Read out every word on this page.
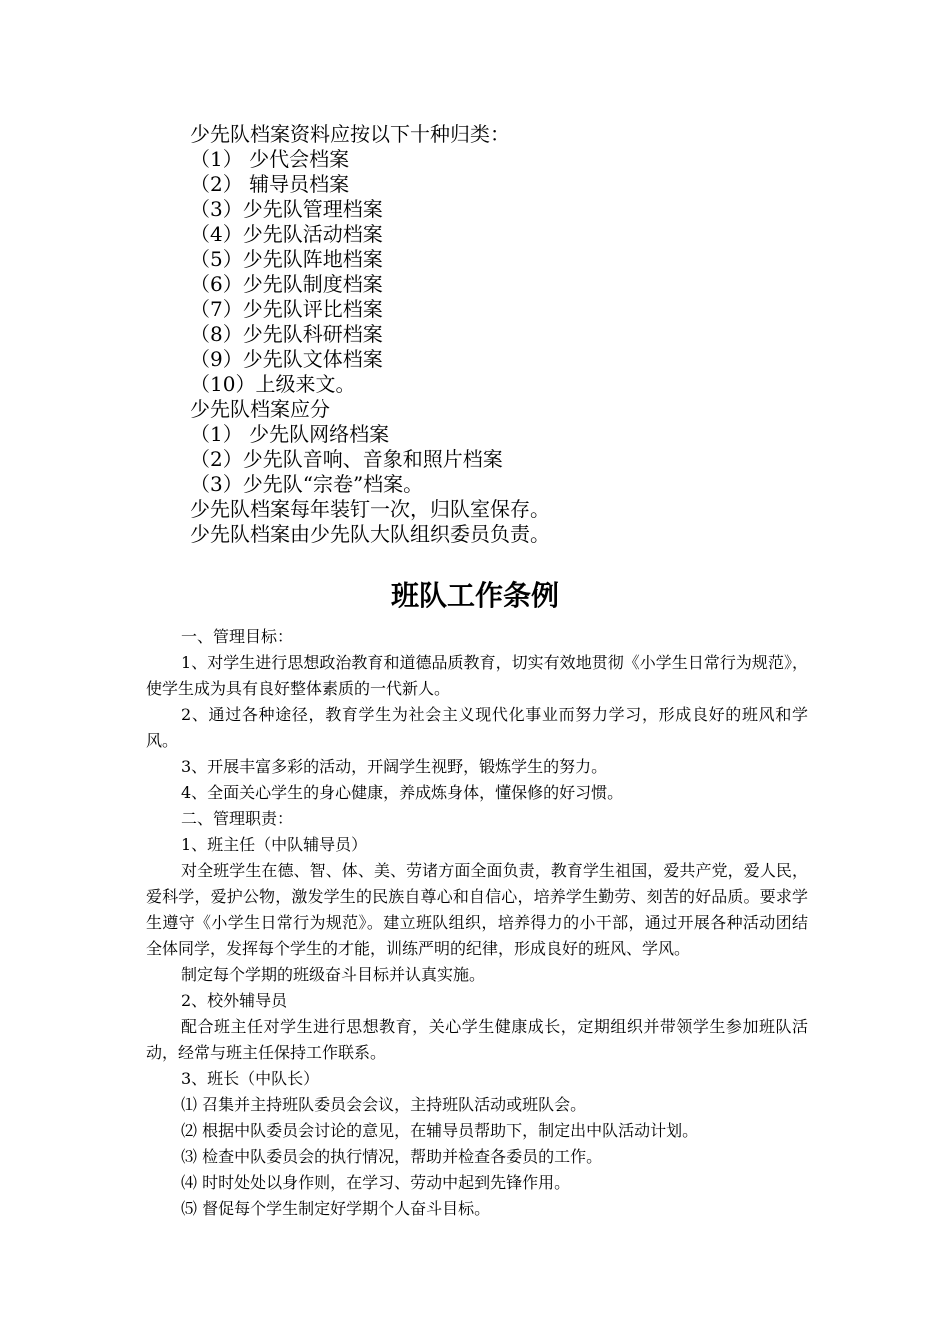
少先队档案资料应按以下十种归类：
（1） 少代会档案
（2） 辅导员档案
（3）少先队管理档案
（4）少先队活动档案
（5）少先队阵地档案
（6）少先队制度档案
（7）少先队评比档案
（8）少先队科研档案
（9）少先队文体档案
（10）上级来文。
少先队档案应分
（1） 少先队网络档案
（2）少先队音响、音象和照片档案
（3）少先队“宗卷”档案。
少先队档案每年装钉一次，归队室保存。
少先队档案由少先队大队组织委员负责。
班队工作条例

一、管理目标：

1、对学生进行思想政治教育和道德品质教育，切实有效地贯彻《小学生日常行为规范》，使学生成为具有良好整体素质的一代新人。

2、通过各种途径，教育学生为社会主义现代化事业而努力学习，形成良好的班风和学风。

3、开展丰富多彩的活动，开阔学生视野，锻炼学生的努力。

4、全面关心学生的身心健康，养成炼身体，懂保修的好习惯。

二、管理职责：

1、班主任（中队辅导员）

对全班学生在德、智、体、美、劳诸方面全面负责，教育学生祖国，爱共产党，爱人民，爱科学，爱护公物，激发学生的民族自尊心和自信心，培养学生勤劳、刻苦的好品质。要求学生遵守《小学生日常行为规范》。建立班队组织，培养得力的小干部，通过开展各种活动团结全体同学，发挥每个学生的才能，训练严明的纪律，形成良好的班风、学风。

制定每个学期的班级奋斗目标并认真实施。

2、校外辅导员

配合班主任对学生进行思想教育，关心学生健康成长，定期组织并带领学生参加班队活动，经常与班主任保持工作联系。

3、班长（中队长）

⑴ 召集并主持班队委员会会议，主持班队活动或班队会。

⑵ 根据中队委员会讨论的意见，在辅导员帮助下，制定出中队活动计划。

⑶ 检查中队委员会的执行情况，帮助并检查各委员的工作。

⑷ 时时处处以身作则，在学习、劳动中起到先锋作用。

⑸ 督促每个学生制定好学期个人奋斗目标。
